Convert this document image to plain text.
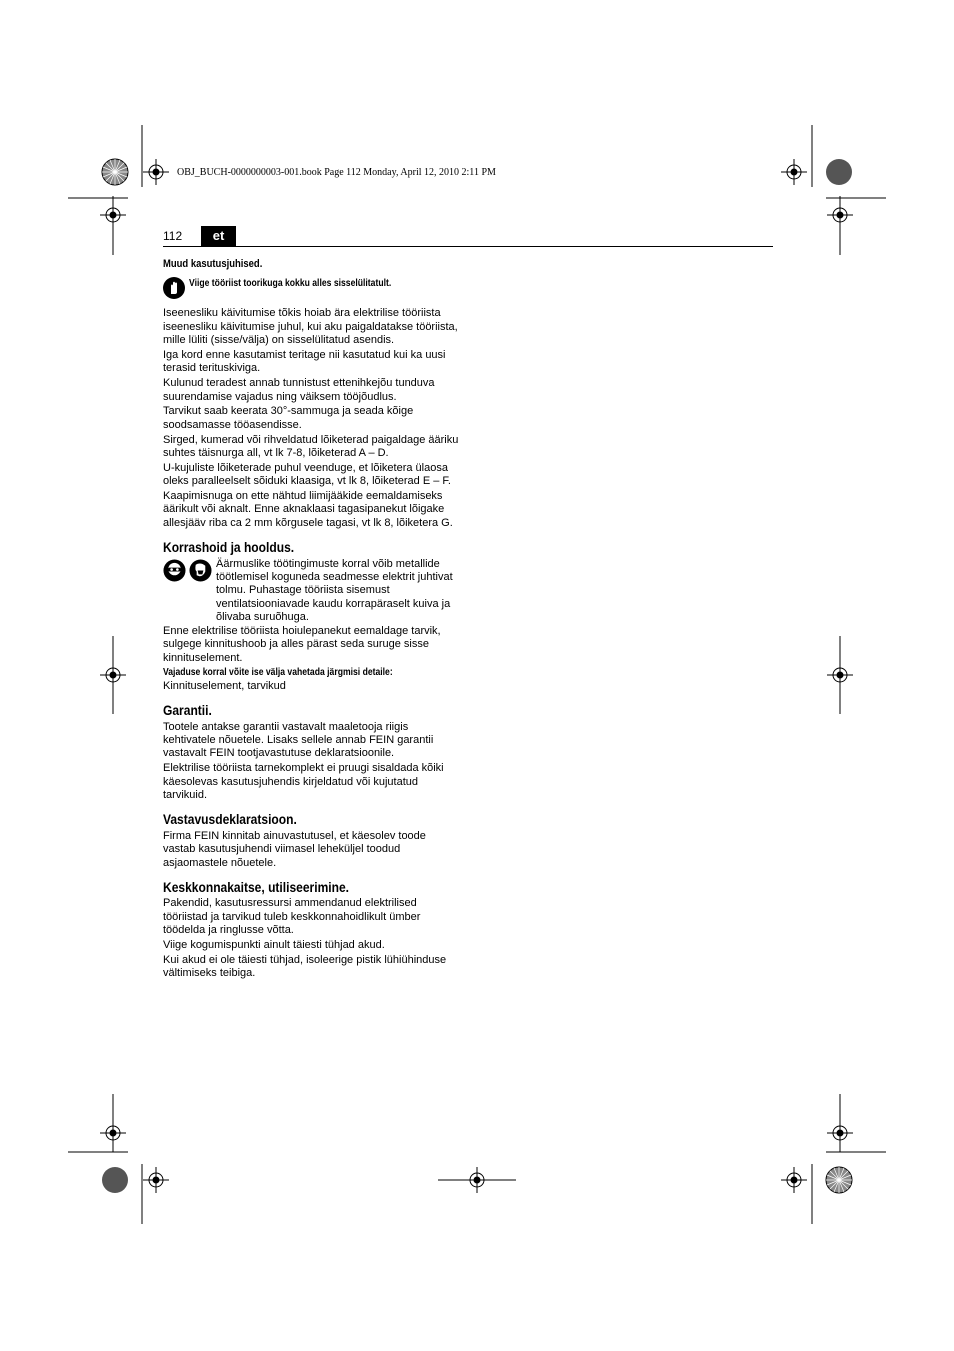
OBJ_BUCH-0000000003-001.book Page 112 Monday, April 12, 2010 2:11 PM
112	et

Muud kasutusjuhised.

Viige tööriist toorikuga kokku alles sisselülitatult.

Iseenesliku käivitumise tõkis hoiab ära elektrilise tööriista iseenesliku käivitumise juhul, kui aku paigaldatakse tööriista, mille lüliti (sisse/välja) on sisselülitatud asendis.

Iga kord enne kasutamist teritage nii kasutatud kui ka uusi terasid terituskiviga.

Kulunud teradest annab tunnistust ettenihkejõu tunduva suurendamise vajadus ning väiksem tööjõudlus.

Tarvikut saab keerata 30°-sammuga ja seada kõige soodsamasse tööasendisse.

Sirged, kumerad või rihveldatud lõiketerad paigaldage ääriku suhtes täisnurga all, vt lk 7-8, lõiketerad A – D.

U-kujuliste lõiketerade puhul veenduge, et lõiketera ülaosa oleks paralleelselt sõiduki klaasiga, vt lk 8, lõiketerad E – F.

Kaapimisnuga on ette nähtud liimijääkide eemaldamiseks äärikult või aknalt. Enne aknaklaasi tagasipanekut lõigake allesjääv riba ca 2 mm kõrgusele tagasi, vt lk 8, lõiketera G.

Korrashoid ja hooldus.

Äärmuslike töötingimuste korral võib metallide töötlemisel koguneda seadmesse elektrit juhtivat tolmu. Puhastage tööriista sisemust ventilatsiooniavade kaudu korrapäraselt kuiva ja õlivaba suruõhuga.

Enne elektrilise tööriista hoiulepanekut eemaldage tarvik, sulgege kinnitushoob ja alles pärast seda suruge sisse kinnituselement.

Vajaduse korral võite ise välja vahetada järgmisi detaile:

Kinnituselement, tarvikud

Garantii.

Tootele antakse garantii vastavalt maaletooja riigis kehtivatele nõuetele. Lisaks sellele annab FEIN garantii vastavalt FEIN tootjavastutuse deklaratsioonile.

Elektrilise tööriista tarnekomplekt ei pruugi sisaldada kõiki käesolevas kasutusjuhendis kirjeldatud või kujutatud tarvikuid.

Vastavusdeklaratsioon.

Firma FEIN kinnitab ainuvastutusel, et käesolev toode vastab kasutusjuhendi viimasel leheküljel toodud asjaomastele nõuetele.

Keskkonnakaitse, utiliseerimine.

Pakendid, kasutusressursi ammendanud elektrilised tööriistad ja tarvikud tuleb keskkonnahoidlikult ümber töödelda ja ringlusse võtta.

Viige kogumispunkti ainult täiesti tühjad akud.

Kui akud ei ole täiesti tühjad, isoleerige pistik lühiühinduse vältimiseks teibiga.
